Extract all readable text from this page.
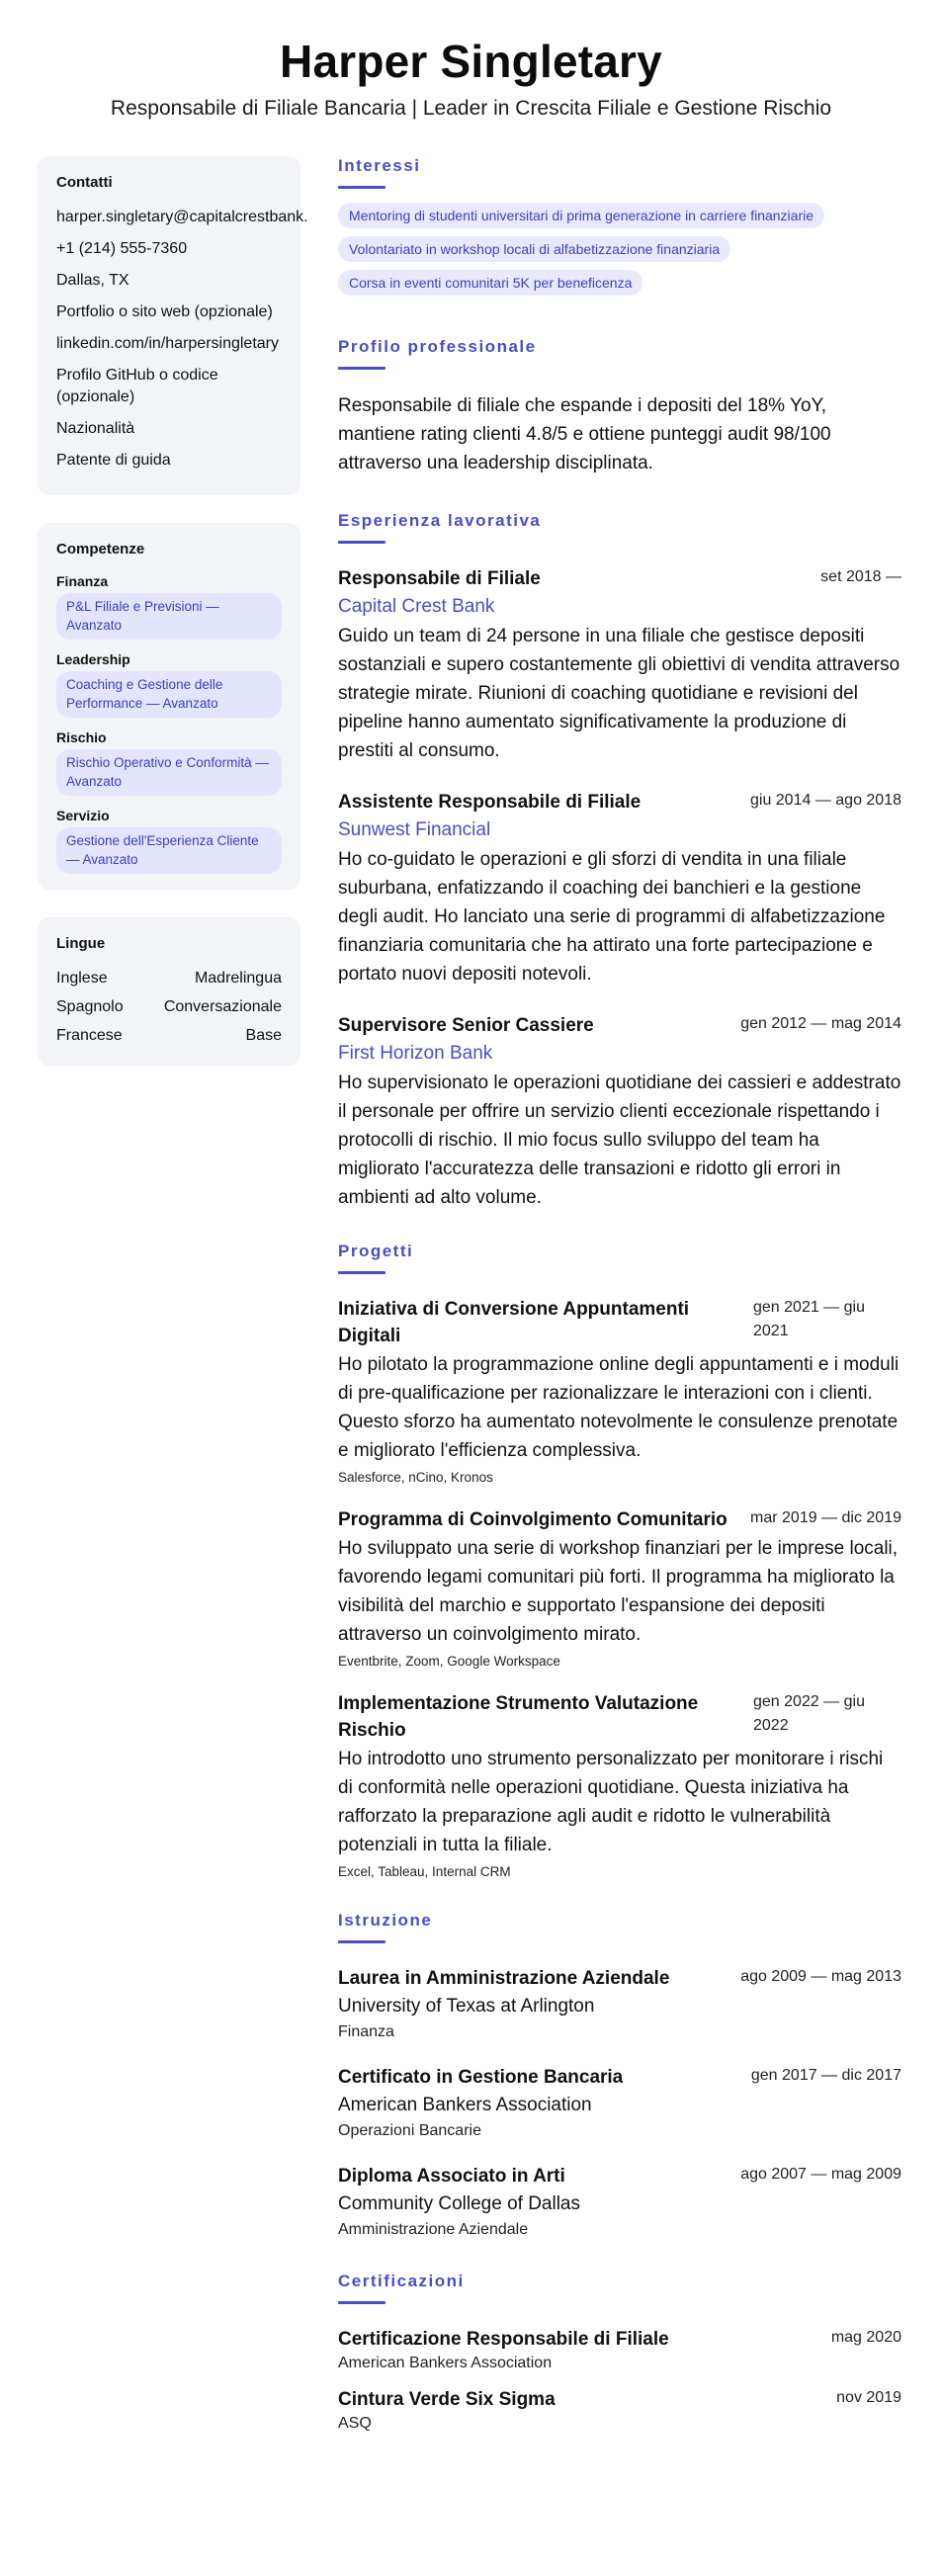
Harper Singletary
Responsabile di Filiale Bancaria | Leader in Crescita Filiale e Gestione Rischio
Contatti
harper.singletary@capitalcrestbank.
+1 (214) 555-7360
Dallas, TX
Portfolio o sito web (opzionale)
linkedin.com/in/harpersingletary
Profilo GitHub o codice (opzionale)
Nazionalità
Patente di guida
Competenze
Finanza
P&L Filiale e Previsioni — Avanzato
Leadership
Coaching e Gestione delle Performance — Avanzato
Rischio
Rischio Operativo e Conformità — Avanzato
Servizio
Gestione dell'Esperienza Cliente — Avanzato
Lingue
Inglese	Madrelingua
Spagnolo	Conversazionale
Francese	Base
Interessi
Mentoring di studenti universitari di prima generazione in carriere finanziarie
Volontariato in workshop locali di alfabetizzazione finanziaria
Corsa in eventi comunitari 5K per beneficenza
Profilo professionale
Responsabile di filiale che espande i depositi del 18% YoY, mantiene rating clienti 4.8/5 e ottiene punteggi audit 98/100 attraverso una leadership disciplinata.
Esperienza lavorativa
Responsabile di Filiale	set 2018 —
Capital Crest Bank
Guido un team di 24 persone in una filiale che gestisce depositi sostanziali e supero costantemente gli obiettivi di vendita attraverso strategie mirate. Riunioni di coaching quotidiane e revisioni del pipeline hanno aumentato significativamente la produzione di prestiti al consumo.
Assistente Responsabile di Filiale	giu 2014 — ago 2018
Sunwest Financial
Ho co-guidato le operazioni e gli sforzi di vendita in una filiale suburbana, enfatizzando il coaching dei banchieri e la gestione degli audit. Ho lanciato una serie di programmi di alfabetizzazione finanziaria comunitaria che ha attirato una forte partecipazione e portato nuovi depositi notevoli.
Supervisore Senior Cassiere	gen 2012 — mag 2014
First Horizon Bank
Ho supervisionato le operazioni quotidiane dei cassieri e addestrato il personale per offrire un servizio clienti eccezionale rispettando i protocolli di rischio. Il mio focus sullo sviluppo del team ha migliorato l'accuratezza delle transazioni e ridotto gli errori in ambienti ad alto volume.
Progetti
Iniziativa di Conversione Appuntamenti Digitali
gen 2021 — giu 2021
Ho pilotato la programmazione online degli appuntamenti e i moduli di pre-qualificazione per razionalizzare le interazioni con i clienti. Questo sforzo ha aumentato notevolmente le consulenze prenotate e migliorato l'efficienza complessiva.
Salesforce, nCino, Kronos
Programma di Coinvolgimento Comunitario mar 2019 — dic 2019
Ho sviluppato una serie di workshop finanziari per le imprese locali, favorendo legami comunitari più forti. Il programma ha migliorato la visibilità del marchio e supportato l'espansione dei depositi attraverso un coinvolgimento mirato.
Eventbrite, Zoom, Google Workspace
Implementazione Strumento Valutazione Rischio
gen 2022 — giu 2022
Ho introdotto uno strumento personalizzato per monitorare i rischi di conformità nelle operazioni quotidiane. Questa iniziativa ha rafforzato la preparazione agli audit e ridotto le vulnerabilità potenziali in tutta la filiale.
Excel, Tableau, Internal CRM
Istruzione
Laurea in Amministrazione Aziendale	ago 2009 — mag 2013
University of Texas at Arlington
Finanza
Certificato in Gestione Bancaria	gen 2017 — dic 2017
American Bankers Association
Operazioni Bancarie
Diploma Associato in Arti	ago 2007 — mag 2009
Community College of Dallas
Amministrazione Aziendale
Certificazioni
Certificazione Responsabile di Filiale	mag 2020
American Bankers Association
Cintura Verde Six Sigma	nov 2019
ASQ
